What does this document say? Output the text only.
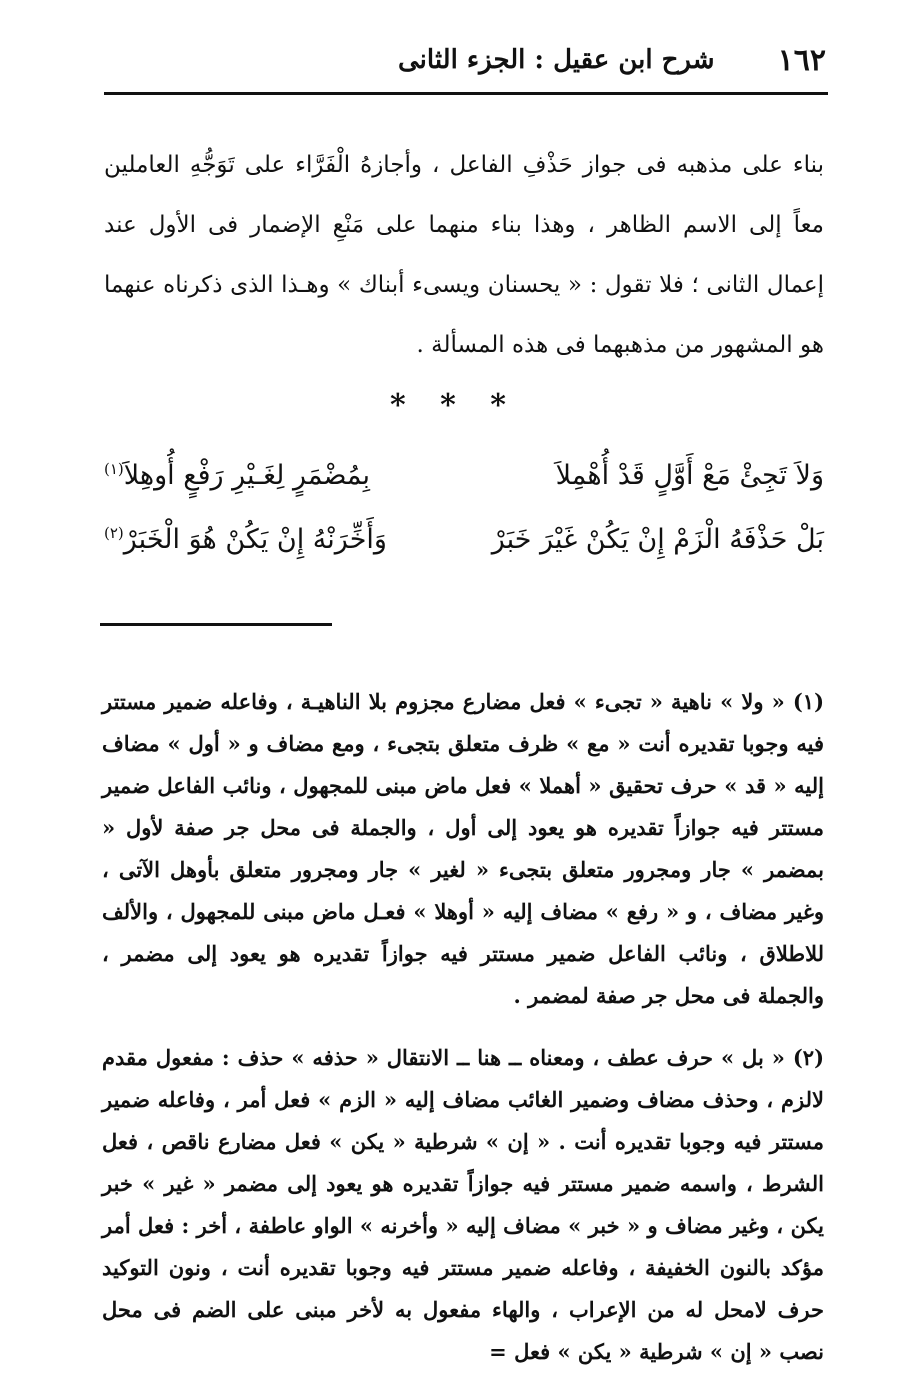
١٦٢
شرح ابن عقيل : الجزء الثانى

بناء على مذهبه فى جواز حَذْفِ الفاعل ، وأجازهُ الْفَرَّاء على تَوَجُّهِ العاملين معاً إلى الاسم الظاهر ، وهذا بناء منهما على مَنْعِ الإضمار فى الأول عند إعمال الثانى ؛ فلا تقول : « يحسنان ويسىء أبناك » وهـذا الذى ذكرناه عنهما هو المشهور من مذهبهما فى هذه المسألة .

* * *
وَلاَ تَجِئْ مَعْ أَوَّلٍ قَدْ أُهْمِلاَ
بِمُضْمَرٍ لِغَـيْرِ رَفْعٍ أُوهِلاَ$^{(١)}$
بَلْ حَذْفَهُ الْزَمْ إِنْ يَكُنْ غَيْرَ خَبَرْ
وَأَخِّرَنْهُ إِنْ يَكُنْ هُوَ الْخَبَرْ$^{(٢)}$

(١) « ولا » ناهية « تجىء » فعل مضارع مجزوم بلا الناهيـة ، وفاعله ضمير مستتر فيه وجوبا تقديره أنت « مع » ظرف متعلق بتجىء ، ومع مضاف و « أول » مضاف إليه « قد » حرف تحقيق « أهملا » فعل ماض مبنى للمجهول ، ونائب الفاعل ضمير مستتر فيه جوازاً تقديره هو يعود إلى أول ، والجملة فى محل جر صفة لأول « بمضمر » جار ومجرور متعلق بتجىء « لغير » جار ومجرور متعلق بأوهل الآتى ، وغير مضاف ، و « رفع » مضاف إليه « أوهلا » فعـل ماض مبنى للمجهول ، والألف للاطلاق ، ونائب الفاعل ضمير مستتر فيه جوازاً تقديره هو يعود إلى مضمر ، والجملة فى محل جر صفة لمضمر .

(٢) « بل » حرف عطف ، ومعناه ــ هنا ــ الانتقال « حذفه » حذف : مفعول مقدم لالزم ، وحذف مضاف وضمير الغائب مضاف إليه « الزم » فعل أمر ، وفاعله ضمير مستتر فيه وجوبا تقديره أنت . « إن » شرطية « يكن » فعل مضارع ناقص ، فعل الشرط ، واسمه ضمير مستتر فيه جوازاً تقديره هو يعود إلى مضمر « غير » خبر يكن ، وغير مضاف و « خبر » مضاف إليه « وأخرنه » الواو عاطفة ، أخر : فعل أمر مؤكد بالنون الخفيفة ، وفاعله ضمير مستتر فيه وجوبا تقديره أنت ، ونون التوكيد حرف لامحل له من الإعراب ، والهاء مفعول به لأخر مبنى على الضم فى محل نصب « إن » شرطية « يكن » فعل =
